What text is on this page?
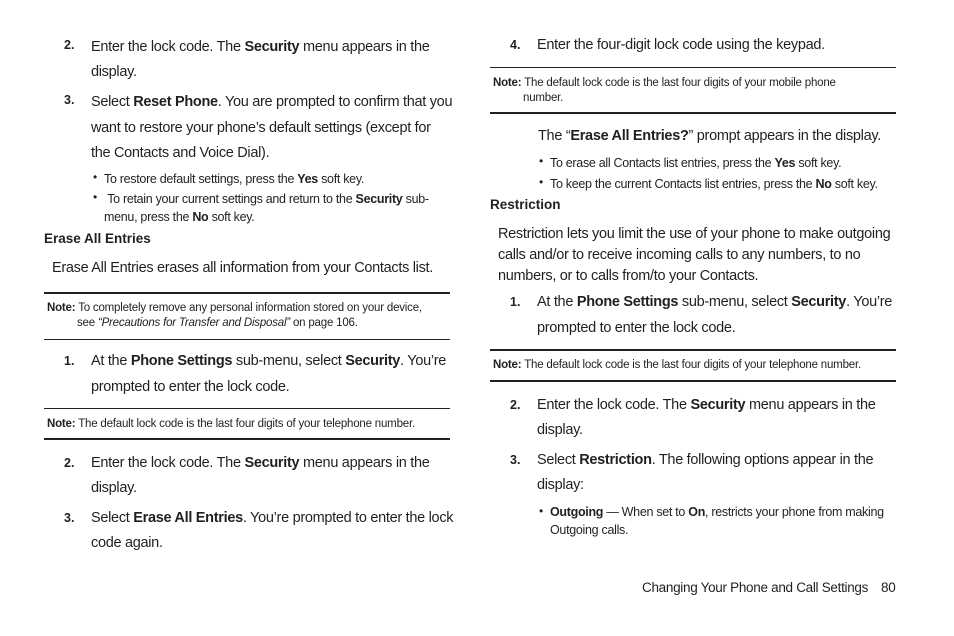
2. Enter the lock code. The Security menu appears in the
display.
3. Select Reset Phone. You are prompted to confirm that you
want to restore your phone’s default settings (except for
the Contacts and Voice Dial).
• To restore default settings, press the Yes soft key.
• To retain your current settings and return to the Security sub-
menu, press the No soft key.
Erase All Entries
Erase All Entries erases all information from your Contacts list.
Note: To completely remove any personal information stored on your device,
see “Precautions for Transfer and Disposal” on page 106.
1. At the Phone Settings sub-menu, select Security. You’re
prompted to enter the lock code.
Note: The default lock code is the last four digits of your telephone number.
2. Enter the lock code. The Security menu appears in the
display.
3. Select Erase All Entries. You’re prompted to enter the lock
code again.
4. Enter the four-digit lock code using the keypad.
Note: The default lock code is the last four digits of your mobile phone
number.
The “Erase All Entries?” prompt appears in the display.
• To erase all Contacts list entries, press the Yes soft key.
• To keep the current Contacts list entries, press the No soft key.
Restriction
Restriction lets you limit the use of your phone to make outgoing
calls and/or to receive incoming calls to any numbers, to no
numbers, or to calls from/to your Contacts.
1. At the Phone Settings sub-menu, select Security. You’re
prompted to enter the lock code.
Note: The default lock code is the last four digits of your telephone number.
2. Enter the lock code. The Security menu appears in the
display.
3. Select Restriction. The following options appear in the
display:
• Outgoing — When set to On, restricts your phone from making
Outgoing calls.
Changing Your Phone and Call Settings 80
